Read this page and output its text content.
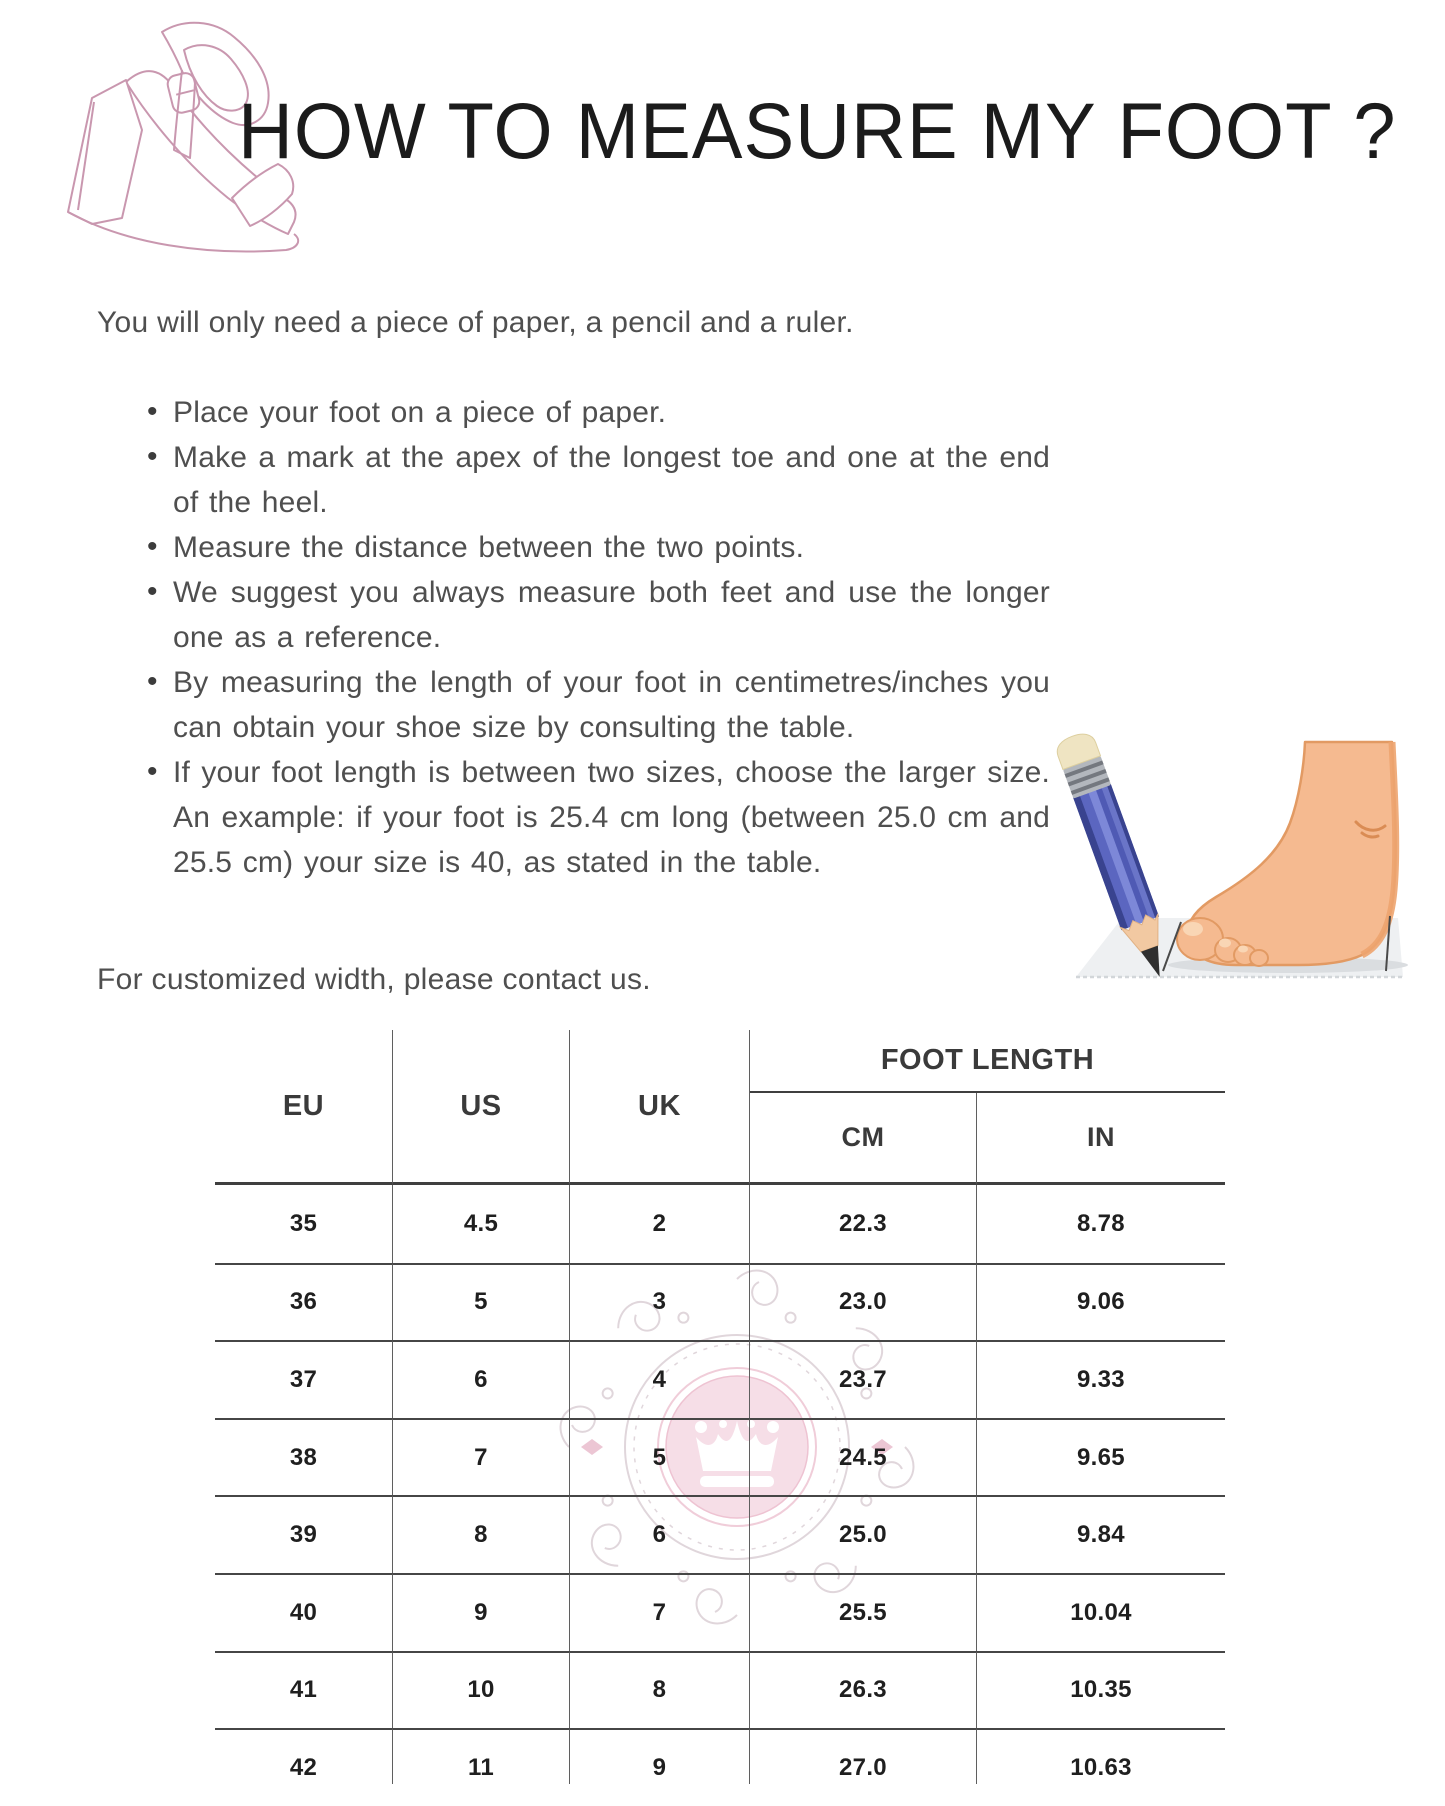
HOW TO MEASURE MY FOOT ?
You will only need a piece of paper, a pencil and a ruler.
• Place your foot on a piece of paper.
• Make a mark at the apex of the longest toe and one at the end of the heel.
• Measure the distance between the two points.
• We suggest you always measure both feet and use the longer one as a reference.
• By measuring the length of your foot in centimetres/inches you can obtain your shoe size by consulting the table.
• If your foot length is between two sizes, choose the larger size. An example: if your foot is 25.4 cm long (between 25.0 cm and 25.5 cm) your size is 40, as stated in the table.
For customized width, please contact us.
EU	US	UK
FOOT LENGTH
CM	IN
35	4.5	2	22.3	8.78
36	5	3	23.0	9.06
37	6	4	23.7	9.33
38	7	5	24.5	9.65
39	8	6	25.0	9.84
40	9	7	25.5	10.04
41	10	8	26.3	10.35
42	11	9	27.0	10.63
